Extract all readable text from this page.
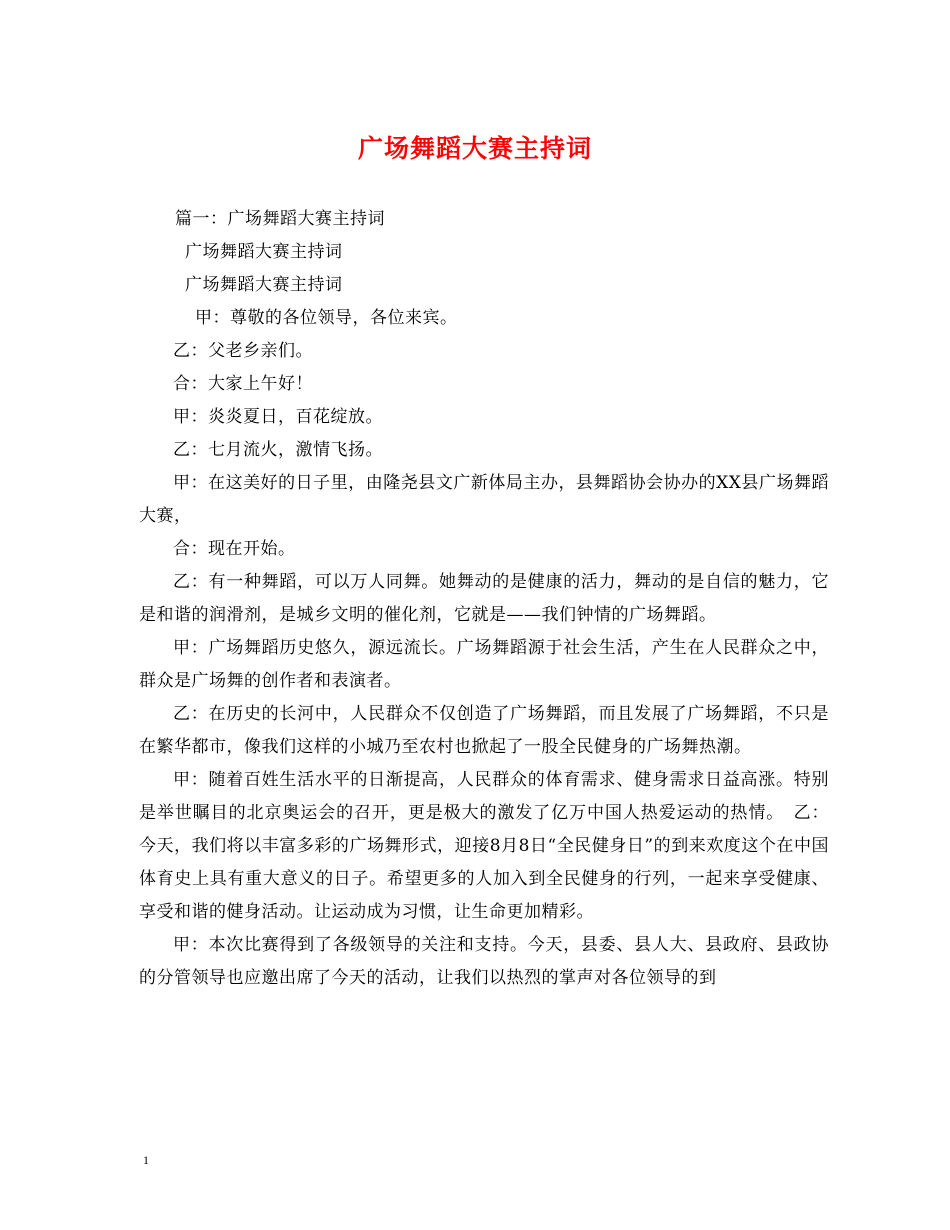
广场舞蹈大赛主持词

篇一：广场舞蹈大赛主持词

广场舞蹈大赛主持词

广场舞蹈大赛主持词

甲：尊敬的各位领导，各位来宾。

乙：父老乡亲们。

合：大家上午好！

甲：炎炎夏日，百花绽放。

乙：七月流火，激情飞扬。

甲：在这美好的日子里，由隆尧县文广新体局主办，县舞蹈协会协办的XX县广场舞蹈大赛，

合：现在开始。

乙：有一种舞蹈，可以万人同舞。她舞动的是健康的活力，舞动的是自信的魅力，它是和谐的润滑剂，是城乡文明的催化剂，它就是——我们钟情的广场舞蹈。

甲：广场舞蹈历史悠久，源远流长。广场舞蹈源于社会生活，产生在人民群众之中，群众是广场舞的创作者和表演者。

乙：在历史的长河中，人民群众不仅创造了广场舞蹈，而且发展了广场舞蹈，不只是在繁华都市，像我们这样的小城乃至农村也掀起了一股全民健身的广场舞热潮。

甲：随着百姓生活水平的日渐提高，人民群众的体育需求、健身需求日益高涨。特别是举世瞩目的北京奥运会的召开，更是极大的激发了亿万中国人热爱运动的热情。　乙：今天，我们将以丰富多彩的广场舞形式，迎接8月8日“全民健身日”的到来欢度这个在中国体育史上具有重大意义的日子。希望更多的人加入到全民健身的行列，一起来享受健康、享受和谐的健身活动。让运动成为习惯，让生命更加精彩。

甲：本次比赛得到了各级领导的关注和支持。今天，县委、县人大、县政府、县政协的分管领导也应邀出席了今天的活动，让我们以热烈的掌声对各位领导的到

1
